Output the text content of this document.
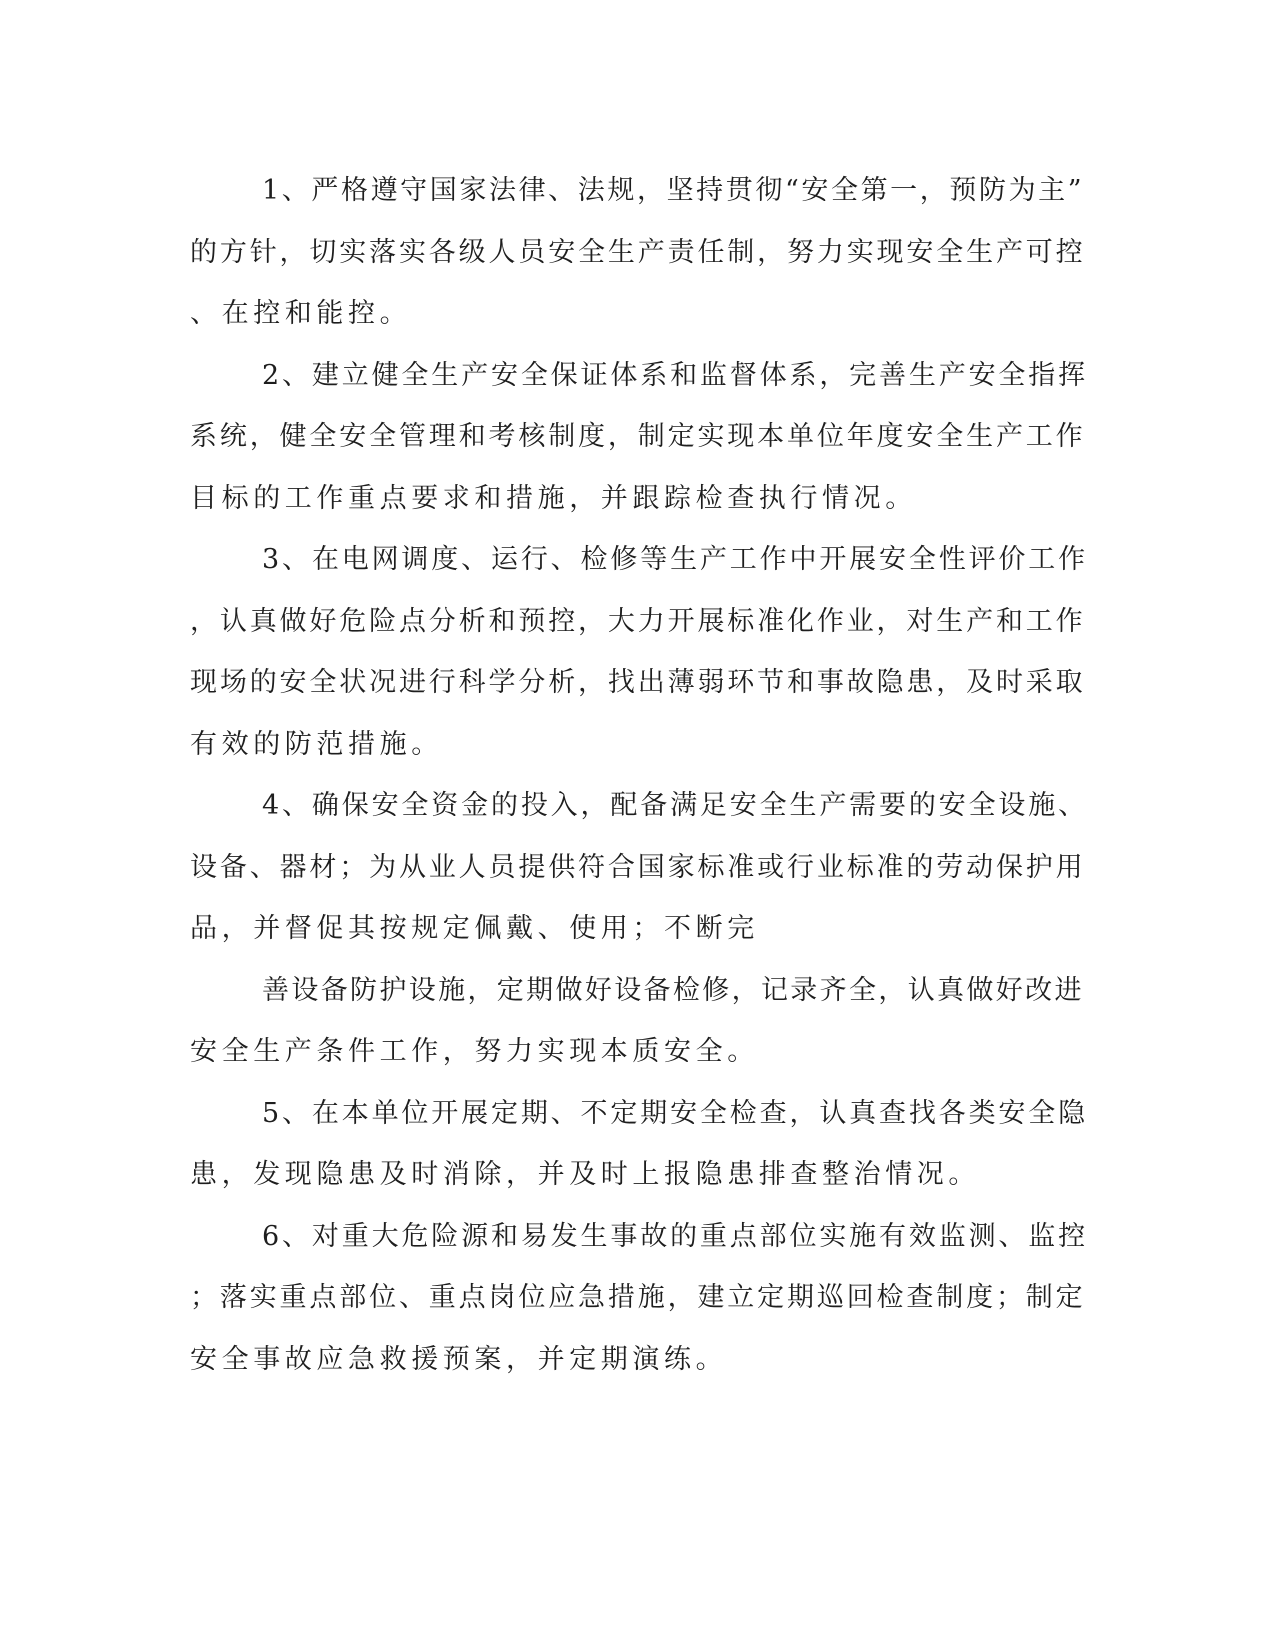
1、严格遵守国家法律、法规，坚持贯彻“安全第一，预防为主”
的方针，切实落实各级人员安全生产责任制，努力实现安全生产可控
、在控和能控。
2、建立健全生产安全保证体系和监督体系，完善生产安全指挥
系统，健全安全管理和考核制度，制定实现本单位年度安全生产工作
目标的工作重点要求和措施，并跟踪检查执行情况。
3、在电网调度、运行、检修等生产工作中开展安全性评价工作
，认真做好危险点分析和预控，大力开展标准化作业，对生产和工作
现场的安全状况进行科学分析，找出薄弱环节和事故隐患，及时采取
有效的防范措施。
4、确保安全资金的投入，配备满足安全生产需要的安全设施、
设备、器材；为从业人员提供符合国家标准或行业标准的劳动保护用
品，并督促其按规定佩戴、使用；不断完
善设备防护设施，定期做好设备检修，记录齐全，认真做好改进
安全生产条件工作，努力实现本质安全。
5、在本单位开展定期、不定期安全检查，认真查找各类安全隐
患，发现隐患及时消除，并及时上报隐患排查整治情况。
6、对重大危险源和易发生事故的重点部位实施有效监测、监控
；落实重点部位、重点岗位应急措施，建立定期巡回检查制度；制定
安全事故应急救援预案，并定期演练。
